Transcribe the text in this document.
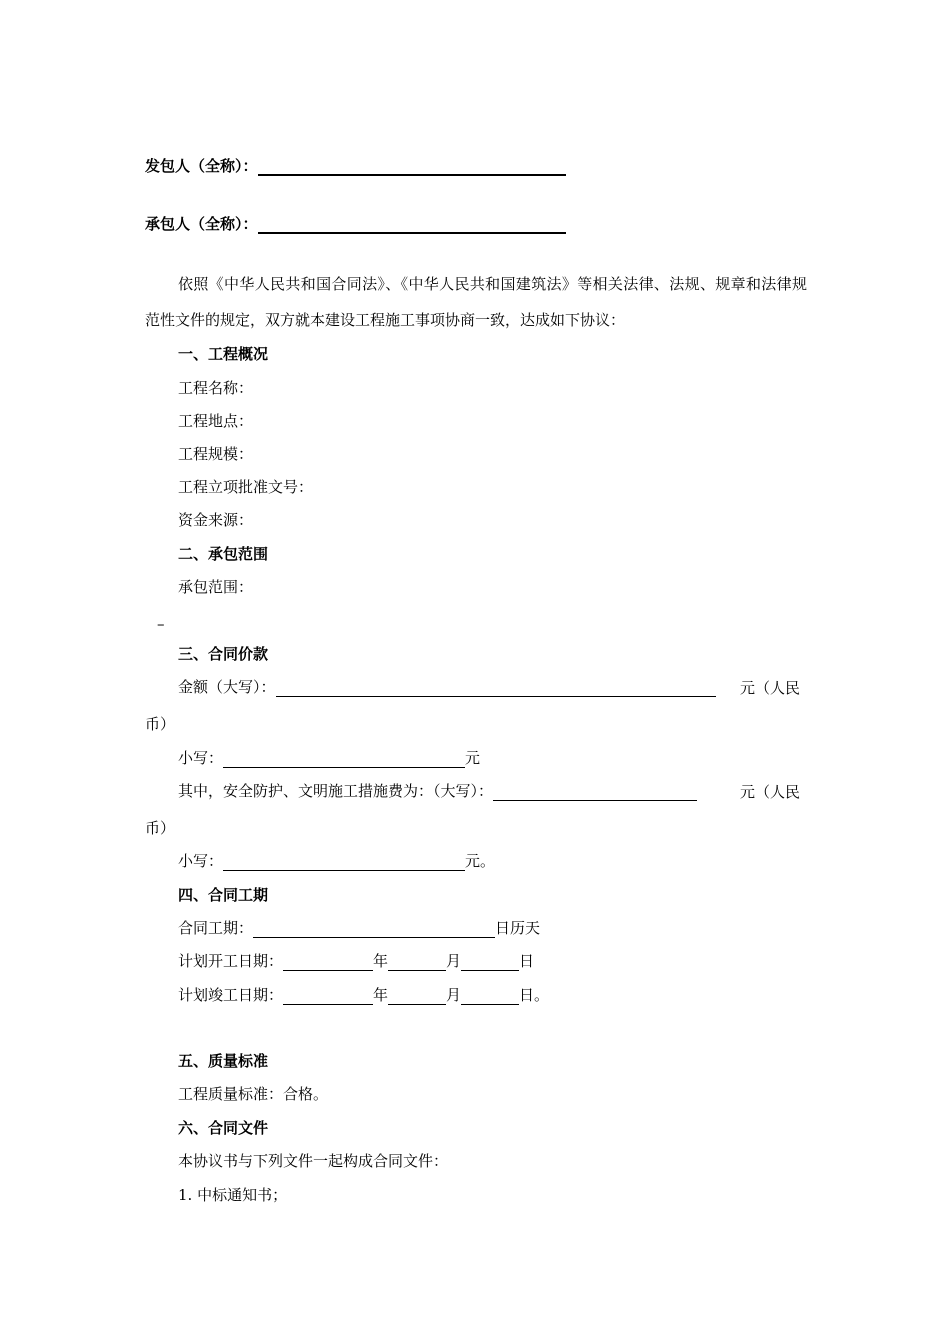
发包人（全称）：
承包人（全称）：
依照《中华人民共和国合同法》、《中华人民共和国建筑法》等相关法律、法规、规章和法律规范性文件的规定，双方就本建设工程施工事项协商一致，达成如下协议：
一、工程概况
工程名称：
工程地点：
工程规模：
工程立项批准文号：
资金来源：
二、承包范围
承包范围：
–
三、合同价款
金额（大写）：	元（人民
币）
小写：	元
其中，安全防护、文明施工措施费为：（大写）：	元（人民
币）
小写：	元。
四、合同工期
合同工期：	日历天
计划开工日期：	年	月	日
计划竣工日期：	年	月	日。
五、质量标准
工程质量标准：合格。
六、合同文件
本协议书与下列文件一起构成合同文件：
1. 中标通知书；
